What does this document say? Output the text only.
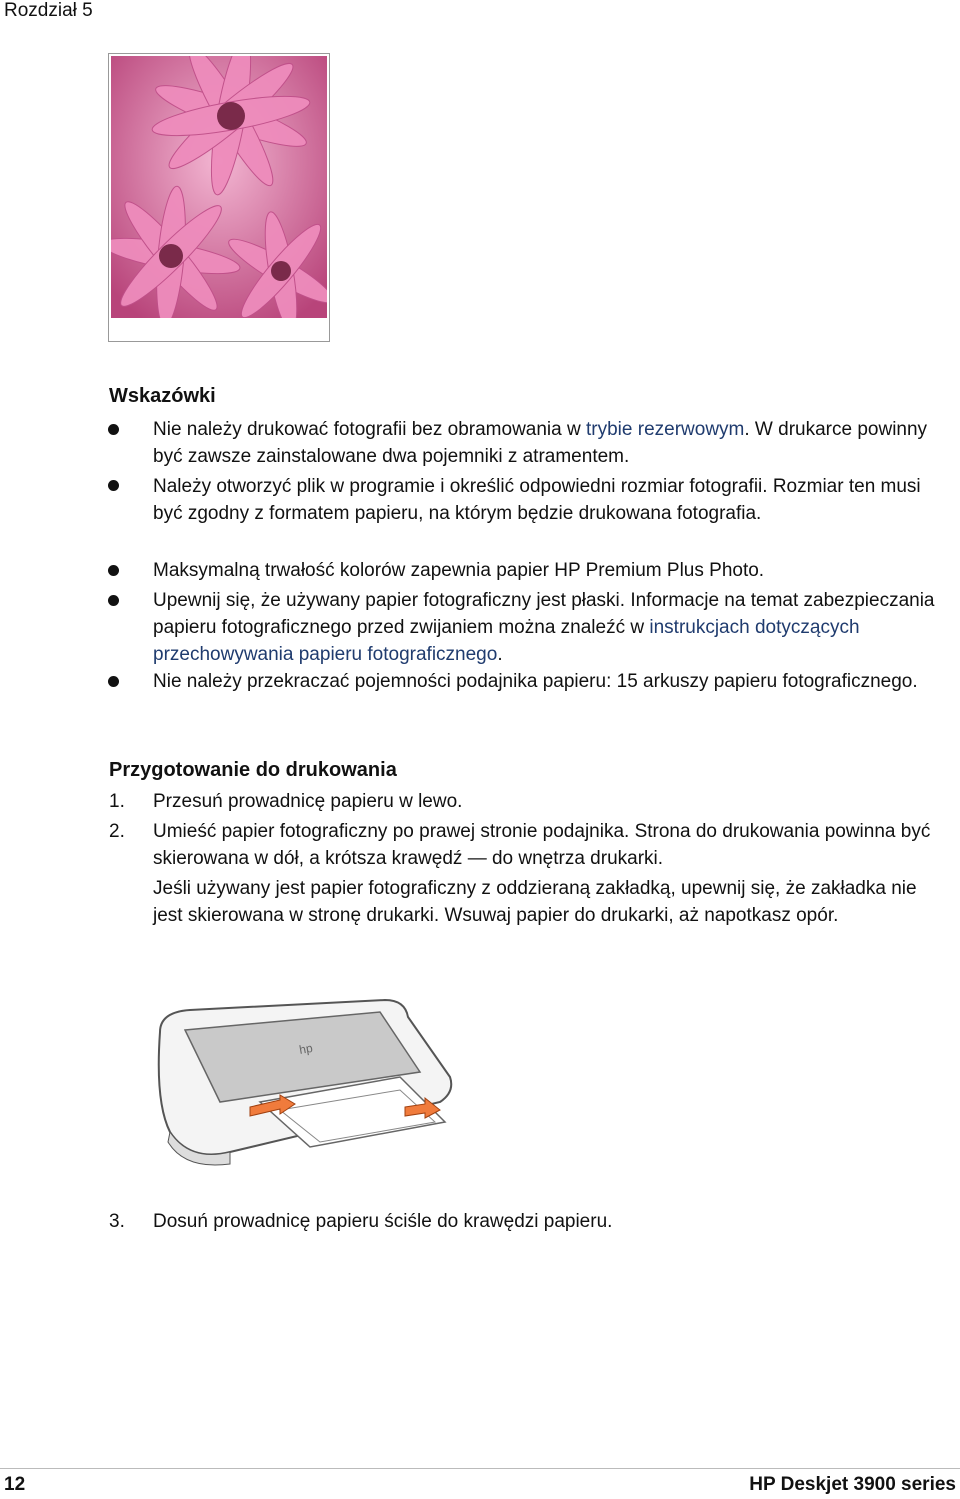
Rozdział 5
Wskazówki
Nie należy drukować fotografii bez obramowania w trybie rezerwowym. W drukarce powinny być zawsze zainstalowane dwa pojemniki z atramentem.
Należy otworzyć plik w programie i określić odpowiedni rozmiar fotografii. Rozmiar ten musi być zgodny z formatem papieru, na którym będzie drukowana fotografia.
Maksymalną trwałość kolorów zapewnia papier HP Premium Plus Photo.
Upewnij się, że używany papier fotograficzny jest płaski. Informacje na temat zabezpieczania papieru fotograficznego przed zwijaniem można znaleźć w instrukcjach dotyczących przechowywania papieru fotograficznego.
Nie należy przekraczać pojemności podajnika papieru: 15 arkuszy papieru fotograficznego.
Przygotowanie do drukowania
1. Przesuń prowadnicę papieru w lewo.
2. Umieść papier fotograficzny po prawej stronie podajnika. Strona do drukowania powinna być skierowana w dół, a krótsza krawędź — do wnętrza drukarki.
Jeśli używany jest papier fotograficzny z oddzieraną zakładką, upewnij się, że zakładka nie jest skierowana w stronę drukarki. Wsuwaj papier do drukarki, aż napotkasz opór.
hp
3. Dosuń prowadnicę papieru ściśle do krawędzi papieru.
12	HP Deskjet 3900 series
